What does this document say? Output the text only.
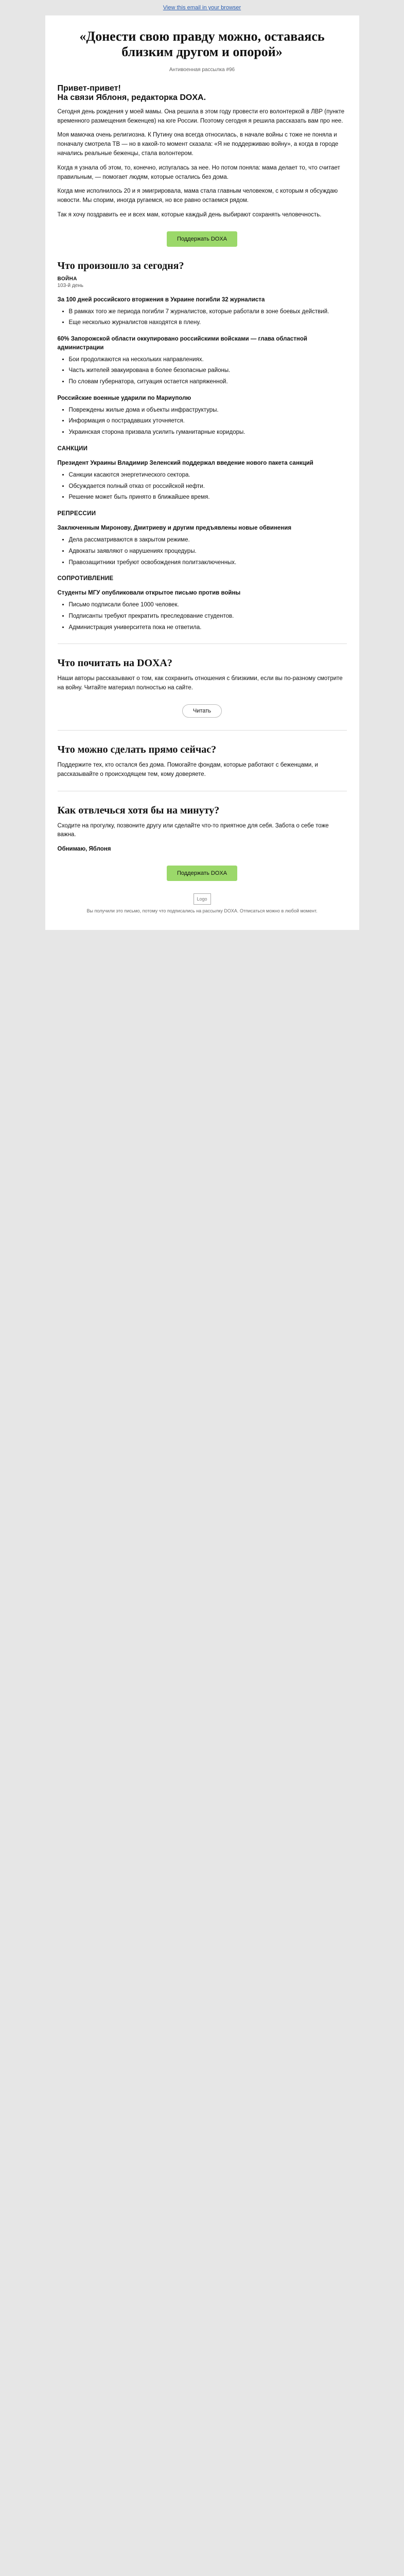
View this email in your browser
«Донести свою правду можно, оставаясь близким другом и опорой»
Антивоенная рассылка #96
Привет-привет!
На связи Яблоня, редакторка DOXA.

Сегодня день рождения у моей мамы. Она решила в этом году провести его волонтеркой в ЛВР (пункте временного размещения беженцев) на юге России. Поэтому сегодня я решила рассказать вам про нее.

Моя мамочка очень религиозна. К Путину она всегда относилась, в начале войны с тоже не поняла и поначалу смотрела ТВ — но в какой-то момент сказала: «Я не поддерживаю войну», а когда в городе начались реальные беженцы, стала волонтером.

Когда я узнала об этом, то, конечно, испугалась за нее. Но потом поняла: мама делает то, что считает правильным, — помогает людям, которые остались без дома.

Когда мне исполнилось 20 и я эмигрировала, мама стала главным человеком, с которым я обсуждаю новости. Мы спорим, иногда ругаемся, но все равно остаемся рядом.

Так я хочу поздравить ее и всех мам, которые каждый день выбирают сохранять человечность.

Поддержать DOXA
Что произошло за сегодня?
ВОЙНА
103-й день
За 100 дней российского вторжения в Украине погибли 32 журналиста
• В рамках того же периода погибли 7 журналистов, которые работали в зоне боевых действий.
• Еще несколько журналистов находятся в плену.
60% Запорожской области оккупировано российскими войсками — глава областной администрации
• Бои продолжаются на нескольких направлениях.
• Часть жителей эвакуирована в более безопасные районы.
• По словам губернатора, ситуация остается напряженной.
Российские военные ударили по Мариуполю
• Повреждены жилые дома и объекты инфраструктуры.
• Информация о пострадавших уточняется.
• Украинская сторона призвала усилить гуманитарные коридоры.
САНКЦИИ
Президент Украины Владимир Зеленский поддержал введение нового пакета санкций
• Санкции касаются энергетического сектора.
• Обсуждается полный отказ от российской нефти.
• Решение может быть принято в ближайшее время.
РЕПРЕССИИ
Заключенным Миронову, Дмитриеву и другим предъявлены новые обвинения
• Дела рассматриваются в закрытом режиме.
• Адвокаты заявляют о нарушениях процедуры.
• Правозащитники требуют освобождения политзаключенных.
СОПРОТИВЛЕНИЕ
Студенты МГУ опубликовали открытое письмо против войны
• Письмо подписали более 1000 человек.
• Подписанты требуют прекратить преследование студентов.
• Администрация университета пока не ответила.
Что почитать на DOXA?

Наши авторы рассказывают о том, как сохранить отношения с близкими, если вы по-разному смотрите на войну. Читайте материал полностью на сайте.

Читать
Что можно сделать прямо сейчас?

Поддержите тех, кто остался без дома. Помогайте фондам, которые работают с беженцами, и рассказывайте о происходящем тем, кому доверяете.

Как отвлечься хотя бы на минуту?

Сходите на прогулку, позвоните другу или сделайте что-то приятное для себя. Забота о себе тоже важна.

Обнимаю, Яблоня

Поддержать DOXA
Logo
Вы получили это письмо, потому что подписались на рассылку DOXA. Отписаться можно в любой момент.
